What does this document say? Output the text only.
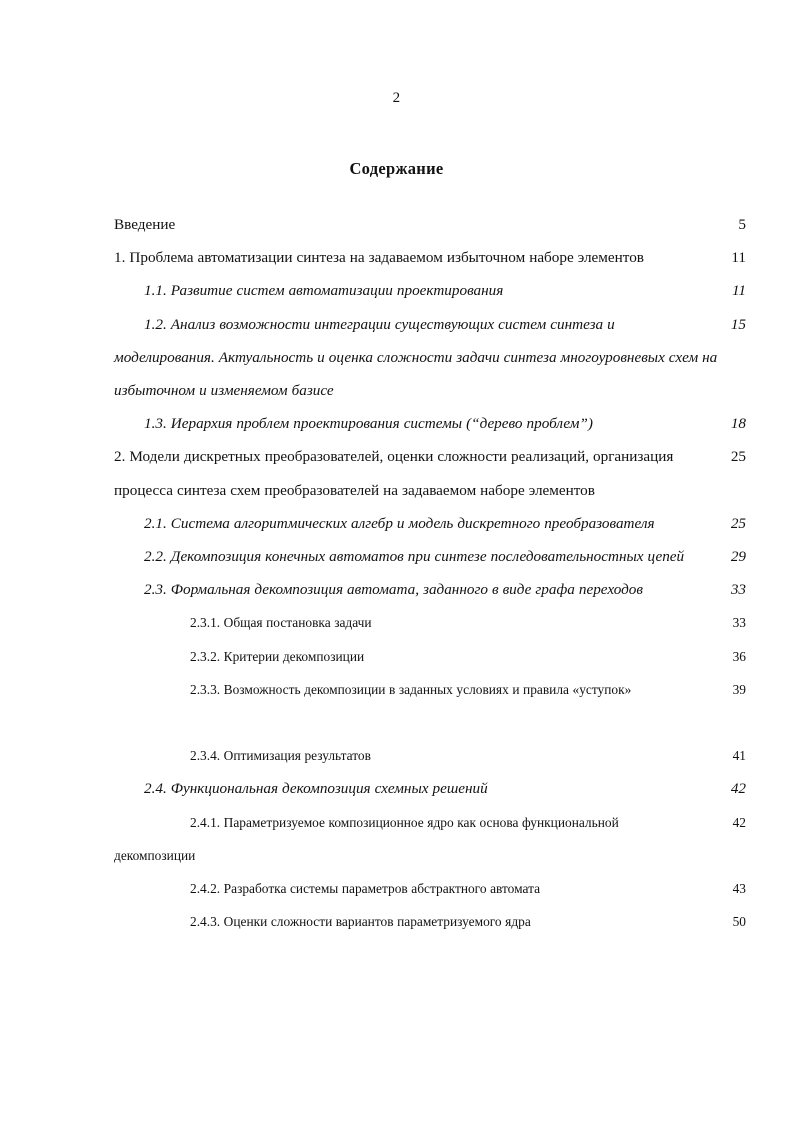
2
Содержание
5
Введение
11
1. Проблема автоматизации синтеза на задаваемом избыточном наборе элементов
11
1.1. Развитие систем автоматизации проектирования
15
1.2. Анализ возможности интеграции существующих систем синтеза и моделирования. Актуальность и оценка сложности задачи синтеза многоуровневых схем на избыточном и изменяемом базисе
18
1.3. Иерархия проблем проектирования системы (“дерево проблем”)
25
2. Модели дискретных преобразователей, оценки сложности реализаций, организация процесса синтеза схем преобразователей на задаваемом наборе элементов
25
2.1. Система алгоритмических алгебр и модель дискретного преобразователя
29
2.2. Декомпозиция конечных автоматов при синтезе последовательностных цепей
33
2.3. Формальная декомпозиция автомата, заданного в виде графа переходов
33
2.3.1. Общая постановка задачи
36
2.3.2. Критерии декомпозиции
39
2.3.3. Возможность декомпозиции в заданных условиях и правила «уступок»
41
2.3.4. Оптимизация результатов
42
2.4. Функциональная декомпозиция схемных решений
42
2.4.1. Параметризуемое композиционное ядро как основа функциональной декомпозиции
43
2.4.2. Разработка системы параметров абстрактного автомата
50
2.4.3. Оценки сложности вариантов параметризуемого ядра
